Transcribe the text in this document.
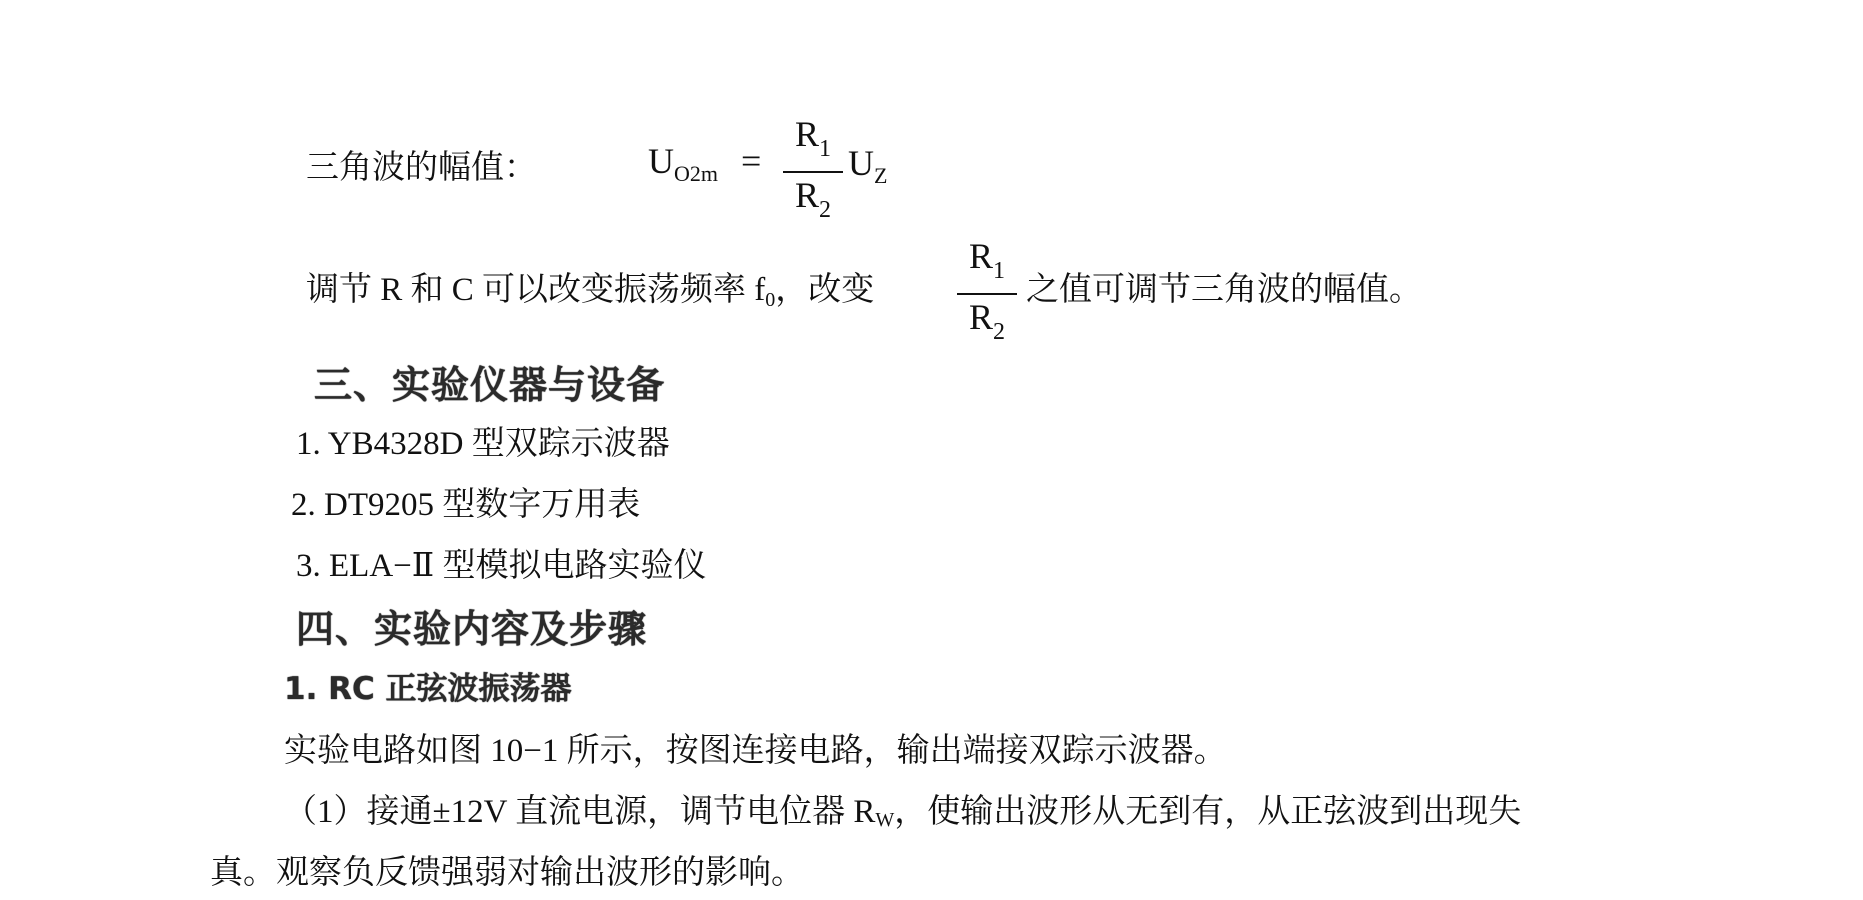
三角波的幅值：	$U_{O2m}$ =
$R_1$
$R_2$
$U_Z$
调节 R 和 C 可以改变振荡频率 $f_0$，改变
$R_1$
$R_2$
之值可调节三角波的幅值。
三、实验仪器与设备
1. YB4328D 型双踪示波器
2. DT9205 型数字万用表
3. ELA−Ⅱ 型模拟电路实验仪
四、实验内容及步骤
1. RC 正弦波振荡器
实验电路如图 10−1 所示，按图连接电路，输出端接双踪示波器。
（1）接通±12V 直流电源，调节电位器 $R_W$，使输出波形从无到有，从正弦波到出现失
真。观察负反馈强弱对输出波形的影响。
